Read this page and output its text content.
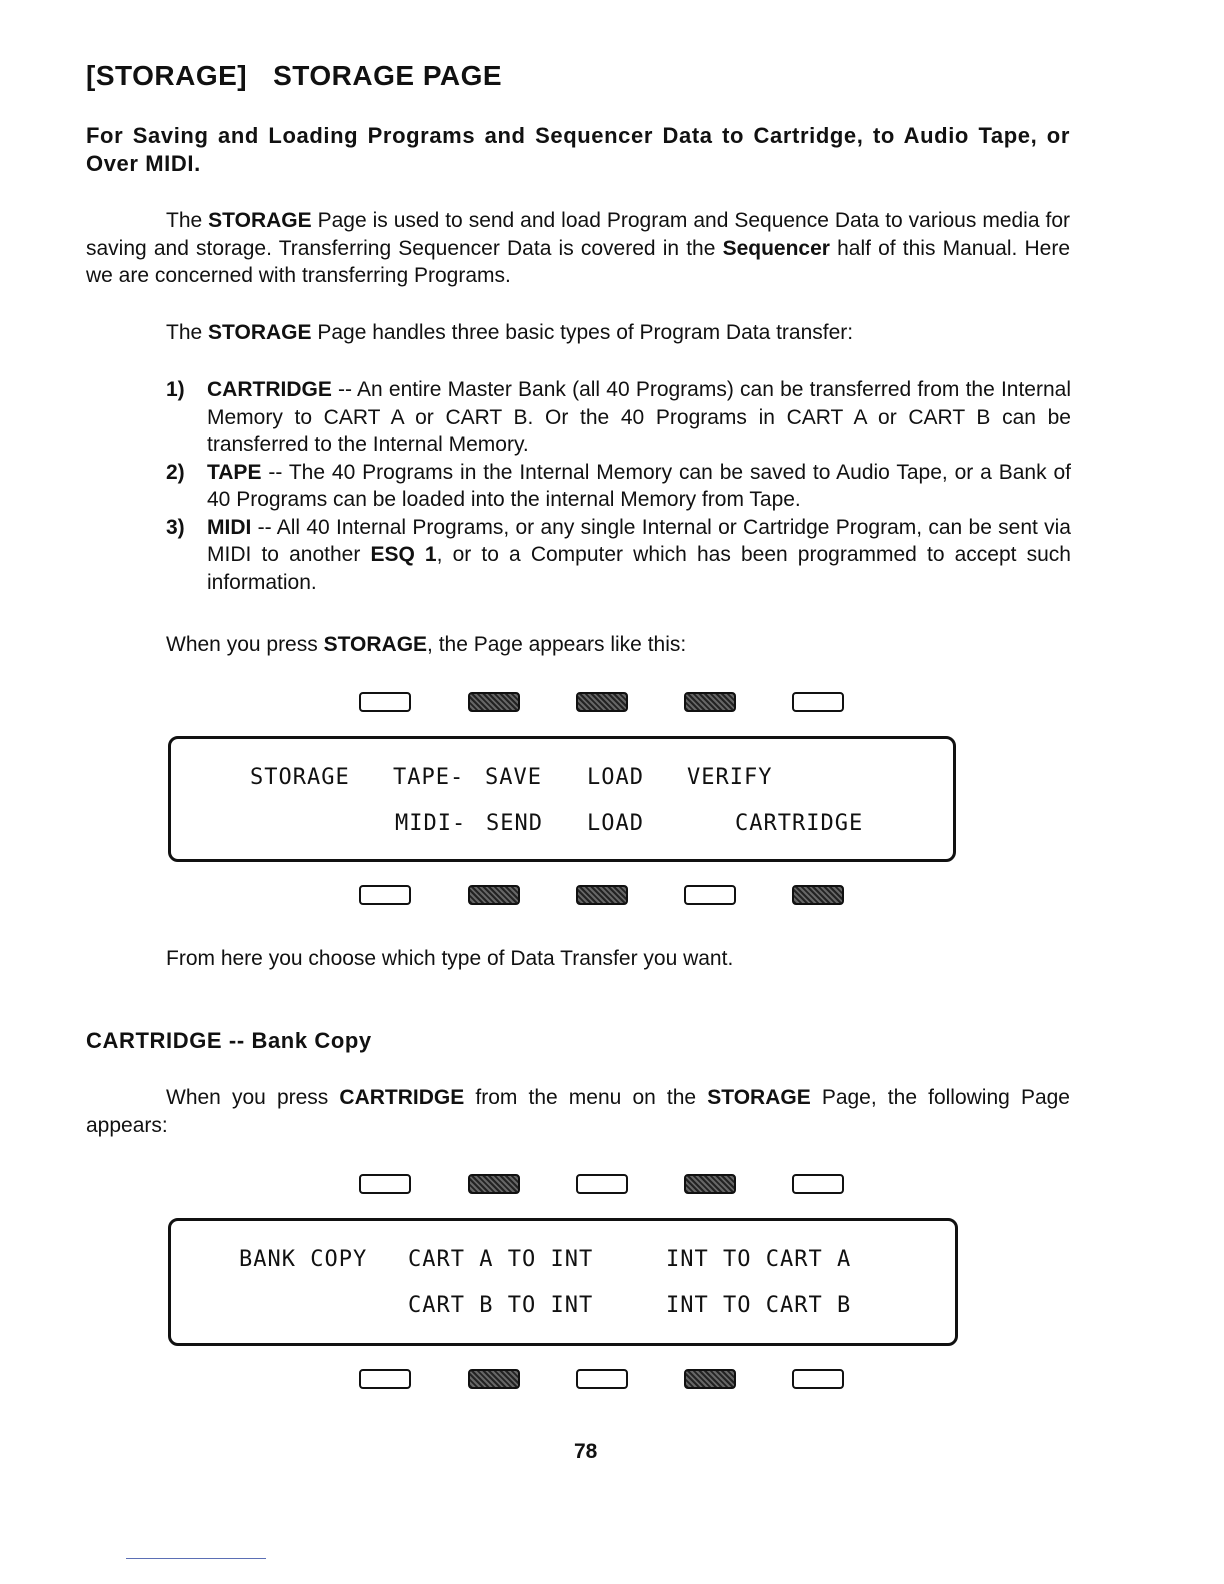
[STORAGE] STORAGE PAGE

For Saving and Loading Programs and Sequencer Data to Cartridge, to Audio Tape, or Over MIDI.

The STORAGE Page is used to send and load Program and Sequence Data to various media for saving and storage. Transferring Sequencer Data is covered in the Sequencer half of this Manual. Here we are concerned with transferring Programs.

The STORAGE Page handles three basic types of Program Data transfer:

1) CARTRIDGE -- An entire Master Bank (all 40 Programs) can be transferred from the Internal Memory to CART A or CART B. Or the 40 Programs in CART A or CART B can be transferred to the Internal Memory.
2) TAPE -- The 40 Programs in the Internal Memory can be saved to Audio Tape, or a Bank of 40 Programs can be loaded into the internal Memory from Tape.
3) MIDI -- All 40 Internal Programs, or any single Internal or Cartridge Program, can be sent via MIDI to another ESQ 1, or to a Computer which has been programmed to accept such information.

When you press STORAGE, the Page appears like this:

STORAGE TAPE- SAVE LOAD VERIFY
MIDI- SEND LOAD	CARTRIDGE

From here you choose which type of Data Transfer you want.

CARTRIDGE -- Bank Copy

When you press CARTRIDGE from the menu on the STORAGE Page, the following Page appears:

BANK COPY CART A TO INT	INT TO CART A
CART B TO INT	INT TO CART B
78
